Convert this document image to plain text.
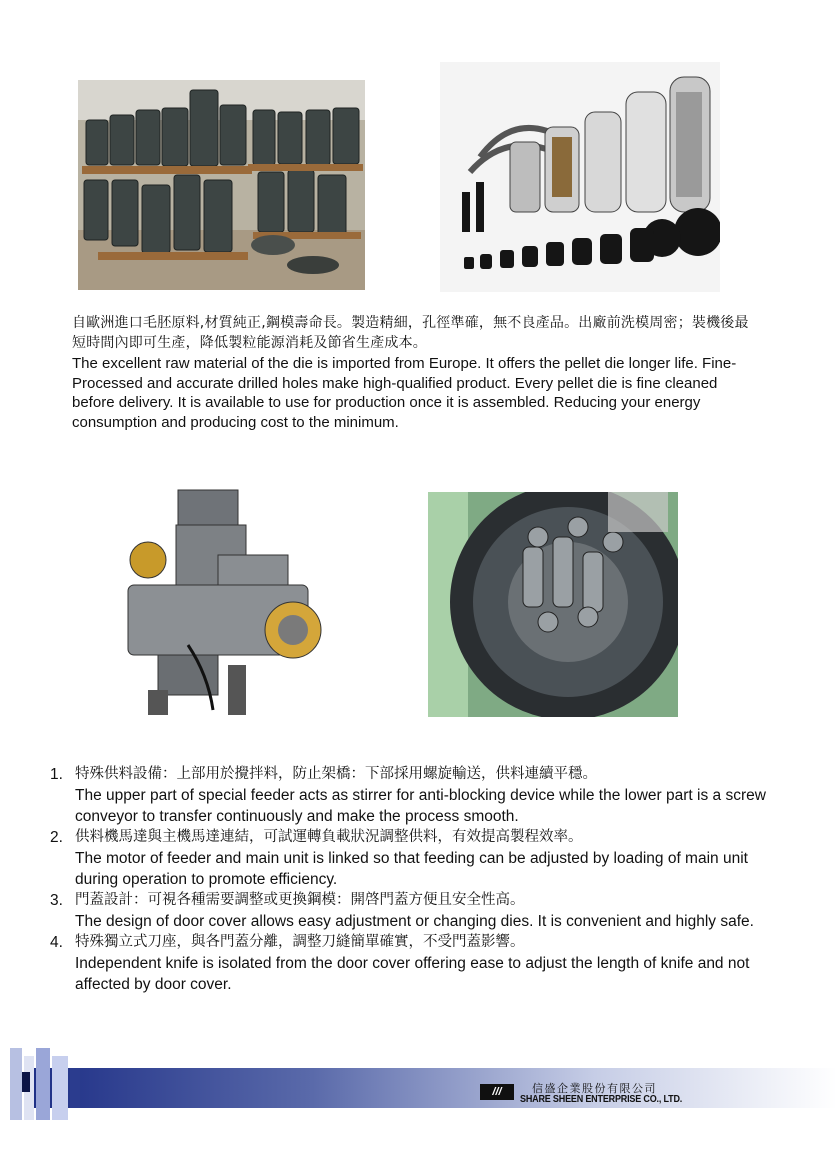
自歐洲進口毛胚原料,材質純正,鋼模壽命長。製造精細，孔徑準確，無不良產品。出廠前洗模周密；裝機後最短時間內即可生產，降低製粒能源消耗及節省生產成本。
The excellent raw material of the die is imported from Europe. It offers the pellet die longer life. Fine-Processed and accurate drilled holes make high-qualified product. Every pellet die is fine cleaned before delivery. It is available to use for production once it is assembled. Reducing your energy consumption and producing cost to the minimum.
1. 特殊供料設備：上部用於攪拌料，防止架橋：下部採用螺旋輸送，供料連續平穩。
The upper part of special feeder acts as stirrer for anti-blocking device while the lower part is a screw conveyor to transfer continuously and make the process smooth.
2. 供料機馬達與主機馬達連結，可試運轉負載狀況調整供料，有效提高製程效率。
The motor of feeder and main unit is linked so that feeding can be adjusted by loading of main unit during operation to promote efficiency.
3. 門蓋設計：可視各種需要調整或更換鋼模：開啓門蓋方便且安全性高。
The design of door cover allows easy adjustment or changing dies. It is convenient and highly safe.
4. 特殊獨立式刀座，與各門蓋分離，調整刀縫簡單確實，不受門蓋影響。
Independent knife is isolated from the door cover offering ease to adjust the length of knife and not affected by door cover.
///	信盛企業股份有限公司
SHARE SHEEN ENTERPRISE CO., LTD.
